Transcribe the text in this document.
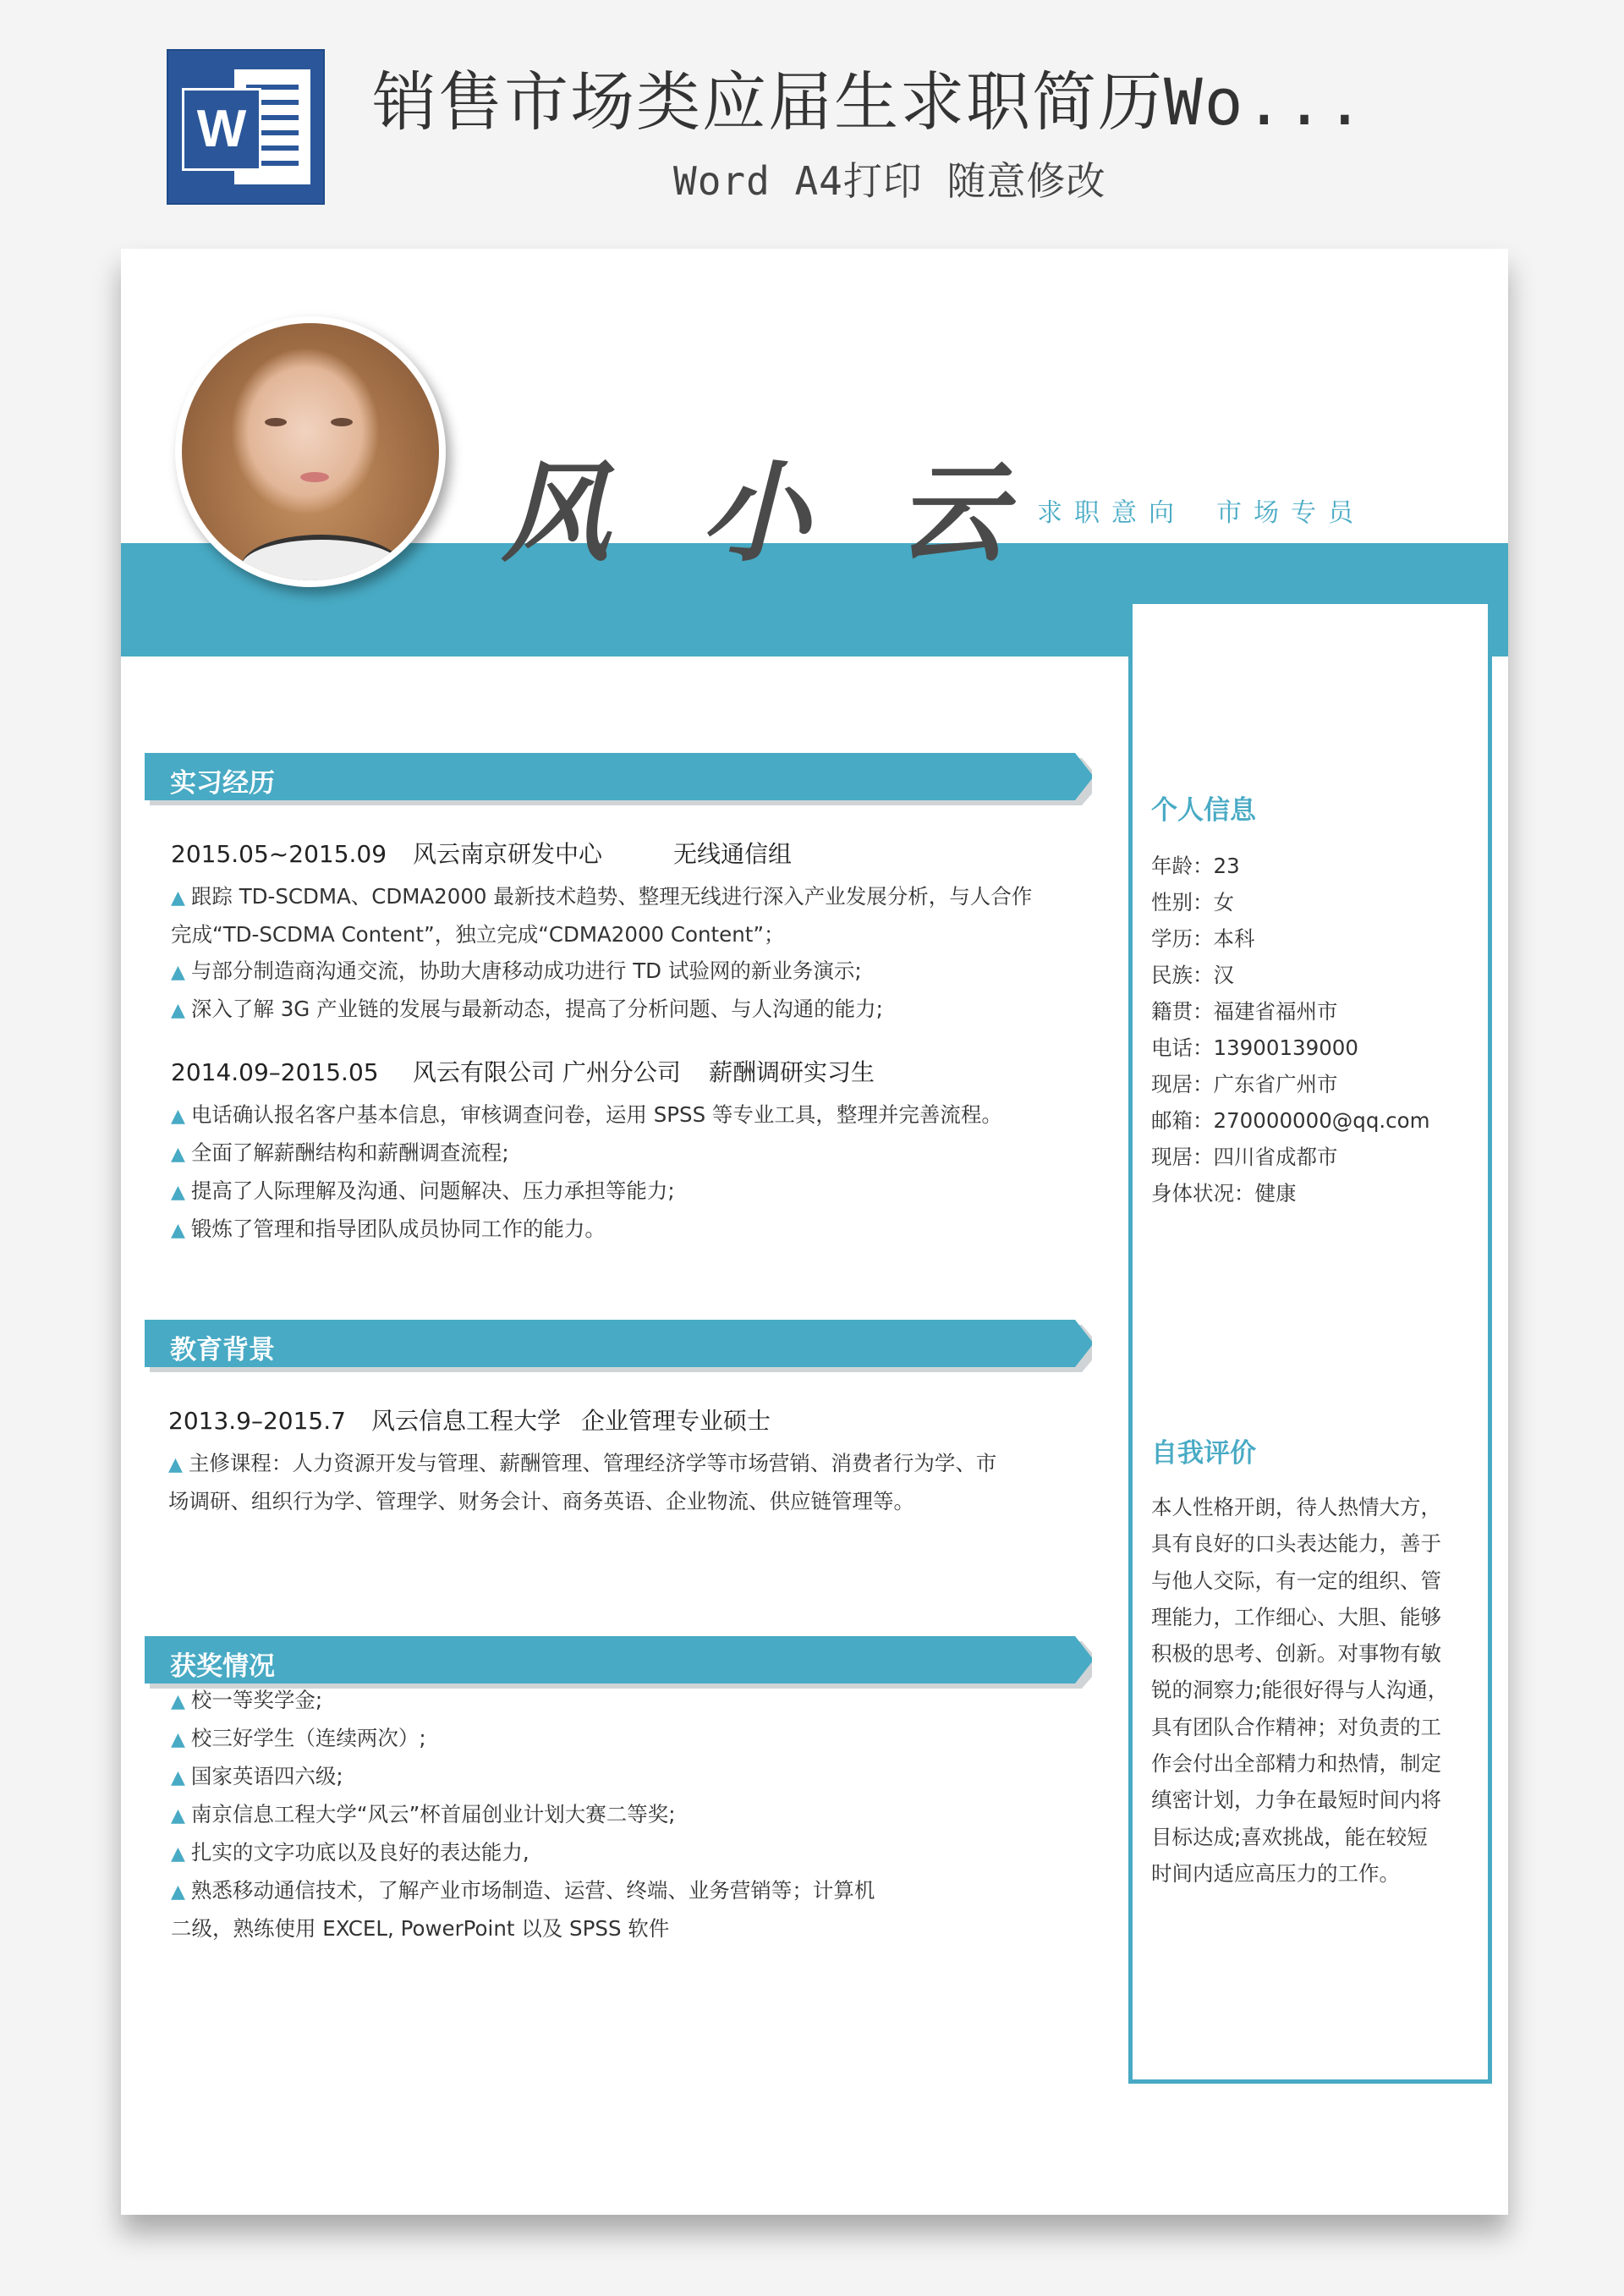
W 销售市场类应届生求职简历Wo...
Word A4打印 随意修改
风 小 云 求职意向 市场专员
实习经历
2015.05~2015.09 风云南京研发中心	无线通信组
▲ 跟踪 TD-SCDMA、CDMA2000 最新技术趋势、整理无线进行深入产业发展分析，与人合作
完成“TD-SCDMA Content”，独立完成“CDMA2000 Content”；
▲ 与部分制造商沟通交流，协助大唐移动成功进行 TD 试验网的新业务演示;
▲ 深入了解 3G 产业链的发展与最新动态，提高了分析问题、与人沟通的能力;
2014.09–2015.05 风云有限公司 广州分公司 薪酬调研实习生
▲ 电话确认报名客户基本信息，审核调查问卷，运用 SPSS 等专业工具，整理并完善流程。
▲ 全面了解薪酬结构和薪酬调查流程;
▲ 提高了人际理解及沟通、问题解决、压力承担等能力;
▲ 锻炼了管理和指导团队成员协同工作的能力。
教育背景
2013.9–2015.7 风云信息工程大学 企业管理专业硕士
▲ 主修课程：人力资源开发与管理、薪酬管理、管理经济学等市场营销、消费者行为学、市
场调研、组织行为学、管理学、财务会计、商务英语、企业物流、供应链管理等。
获奖情况
▲ 校一等奖学金;
▲ 校三好学生（连续两次）;
▲ 国家英语四六级;
▲ 南京信息工程大学“风云”杯首届创业计划大赛二等奖;
▲ 扎实的文字功底以及良好的表达能力,
▲ 熟悉移动通信技术，了解产业市场制造、运营、终端、业务营销等；计算机
二级，熟练使用 EXCEL, PowerPoint 以及 SPSS 软件
个人信息
年龄：23
性别：女
学历：本科
民族：汉
籍贯：福建省福州市
电话：13900139000
现居：广东省广州市
邮箱：270000000@qq.com
现居：四川省成都市
身体状况：健康
自我评价
本人性格开朗，待人热情大方，
具有良好的口头表达能力，善于
与他人交际，有一定的组织、管
理能力，工作细心、大胆、能够
积极的思考、创新。对事物有敏
锐的洞察力;能很好得与人沟通，
具有团队合作精神；对负责的工
作会付出全部精力和热情，制定
缜密计划，力争在最短时间内将
目标达成;喜欢挑战，能在较短
时间内适应高压力的工作。
